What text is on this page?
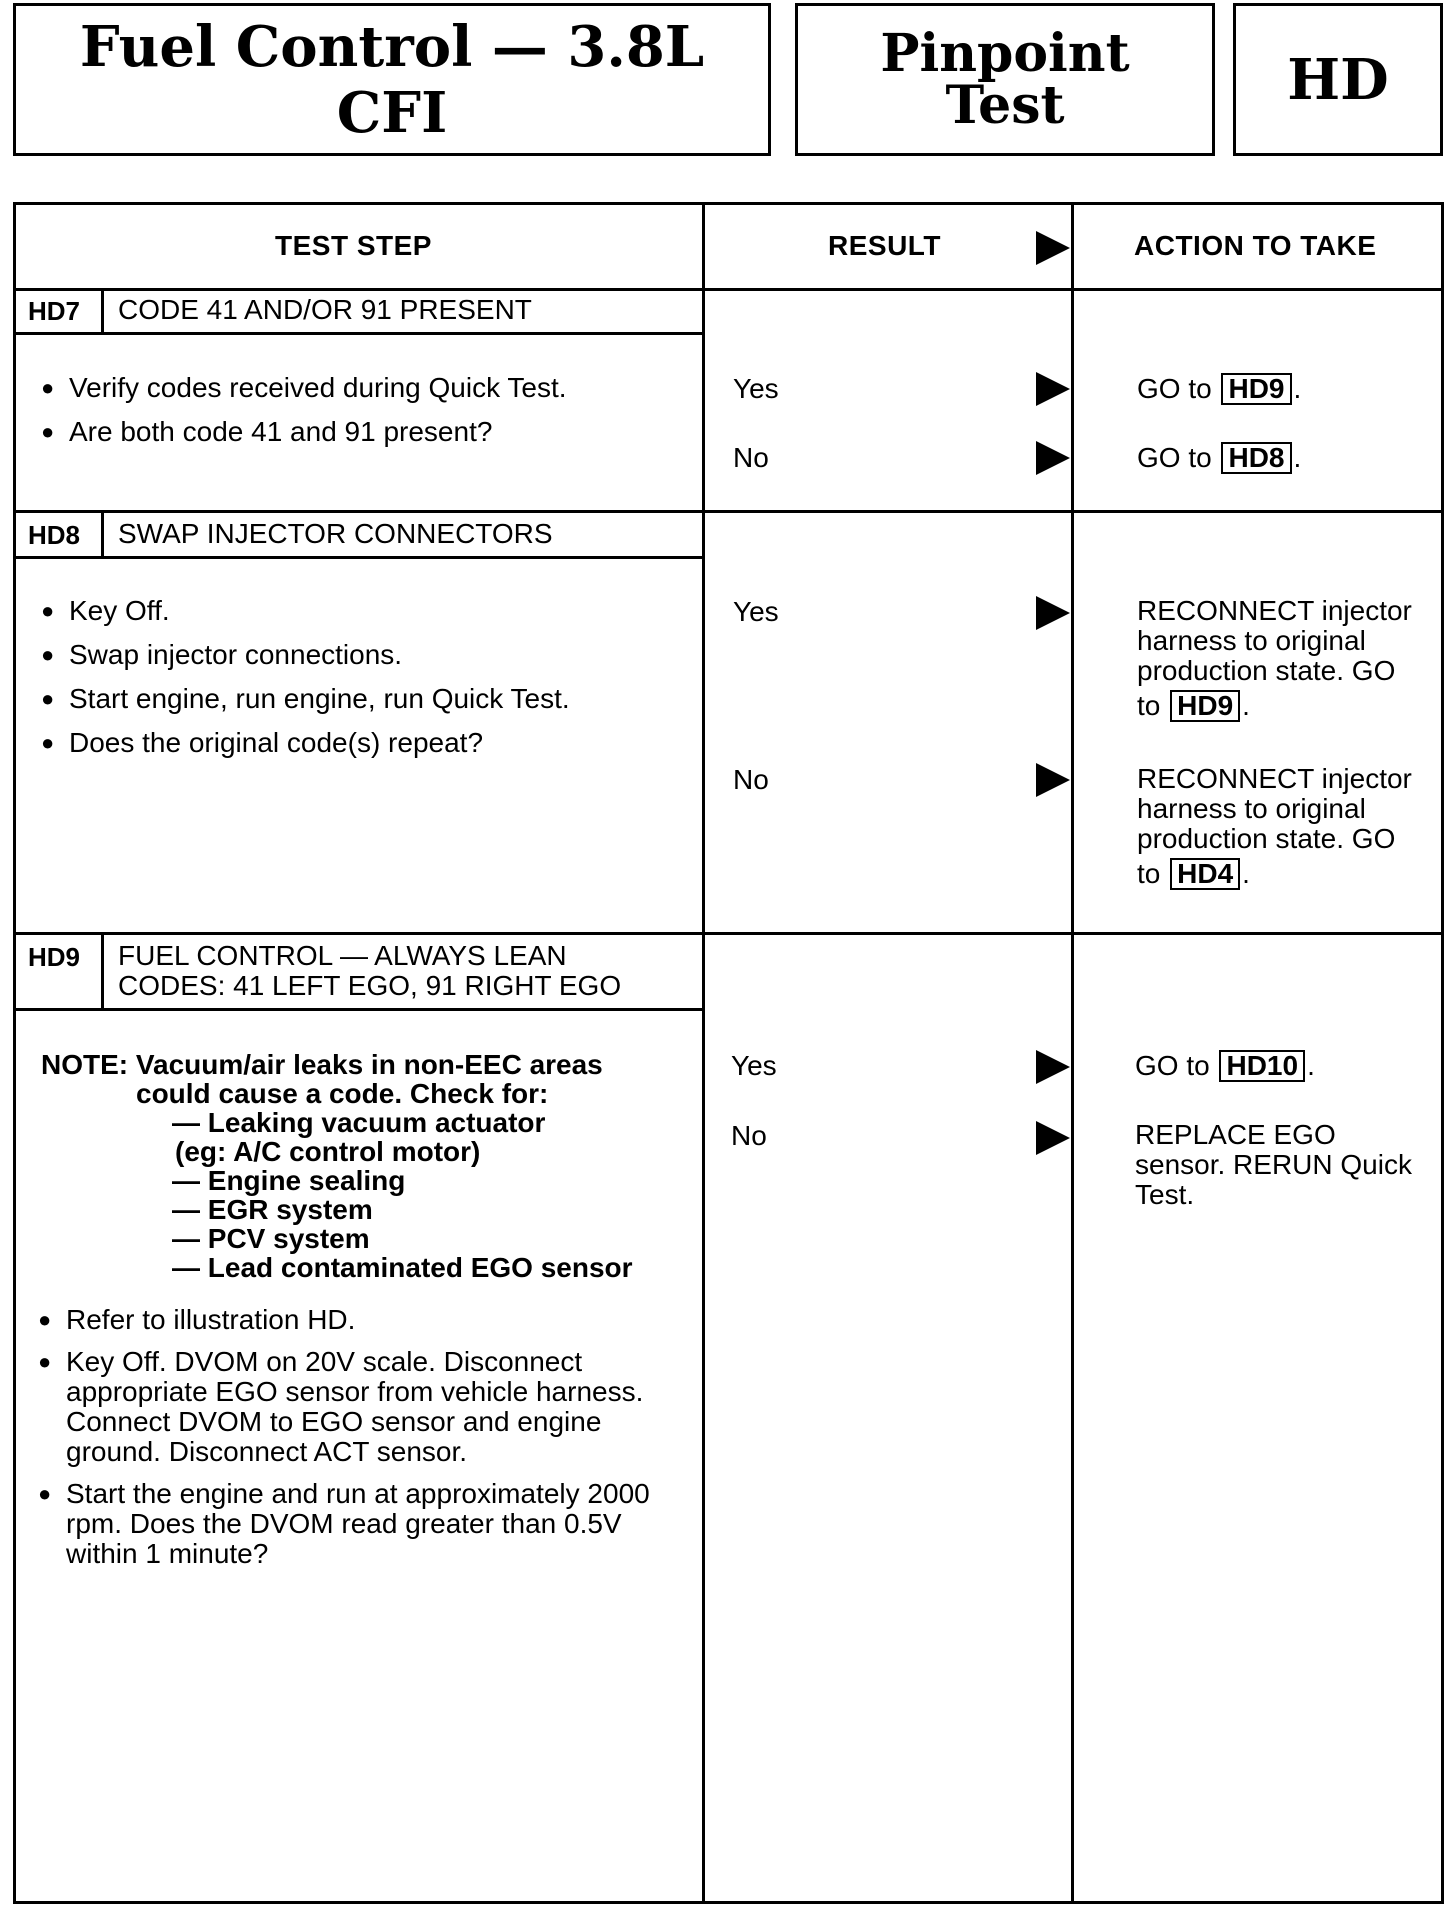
Fuel Control — 3.8L CFI
Pinpoint
Test	HD
TEST STEP	RESULT	ACTION TO TAKE
HD7 CODE 41 AND/OR 91 PRESENT
● Verify codes received during Quick Test.
● Are both code 41 and 91 present?
Yes	GO to HD9 .
No	GO to HD8 .
HD8 SWAP INJECTOR CONNECTORS
● Key Off.
● Swap injector connections.
● Start engine, run engine, run Quick Test.
● Does the original code(s) repeat?
Yes	RECONNECT injector
harness to original
production state. GO
to HD9 .
No	RECONNECT injector
harness to original
production state. GO
to HD4 .
HD9 FUEL CONTROL — ALWAYS LEAN
CODES: 41 LEFT EGO, 91 RIGHT EGO
NOTE: Vacuum/air leaks in non-EEC areas
could cause a code. Check for:
— Leaking vacuum actuator
(eg: A/C control motor)
— Engine sealing
— EGR system
— PCV system
— Lead contaminated EGO sensor
● Refer to illustration HD.
● Key Off. DVOM on 20V scale. Disconnect appropriate EGO sensor from vehicle harness. Connect DVOM to EGO sensor and engine ground. Disconnect ACT sensor.
● Start the engine and run at approximately 2000 rpm. Does the DVOM read greater than 0.5V within 1 minute?
Yes	GO to HD10 .
No	REPLACE EGO
sensor. RERUN Quick
Test.
